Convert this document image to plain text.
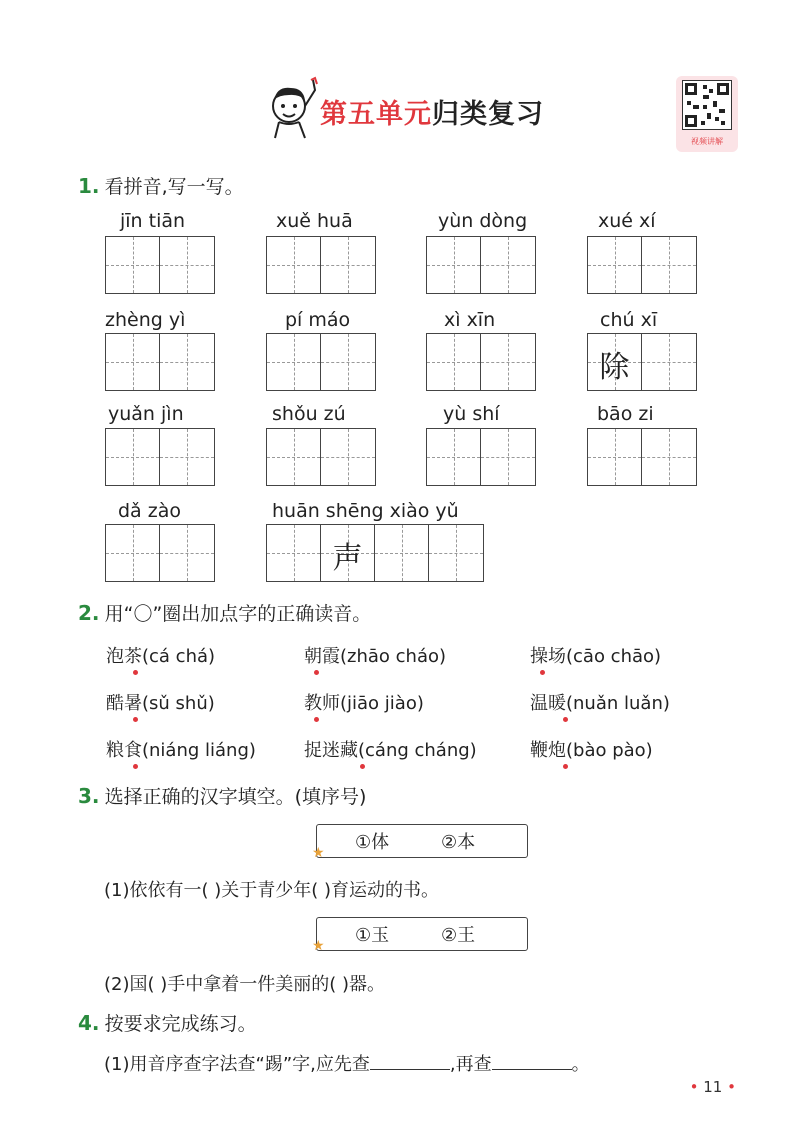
第五单元归类复习
视频讲解
1. 看拼音,写一写。
jīn tiān	xuě huā	yùn dòng	xué xí
zhèng yì	pí máo	xì xīn	chú xī
除
yuǎn jìn	shǒu zú	yù shí	bāo zi
dǎ zào	huān shēng xiào yǔ
声
2. 用“〇”圈出加点字的正确读音。
泡茶(cá chá)	朝霞(zhāo cháo)	操场(cāo chāo)
酷暑(sǔ shǔ)	教师(jiāo jiào)	温暖(nuǎn luǎn)
粮食(niáng liáng)	捉迷藏(cáng cháng)	鞭炮(bào pào)
3. 选择正确的汉字填空。(填序号)
①体	②本
★
(1)依依有一( )关于青少年( )育运动的书。
①玉	②王
★
(2)国( )手中拿着一件美丽的( )器。
4. 按要求完成练习。
(1)用音序查字法查“踢”字,应先查	,再查	。
• 11 •
